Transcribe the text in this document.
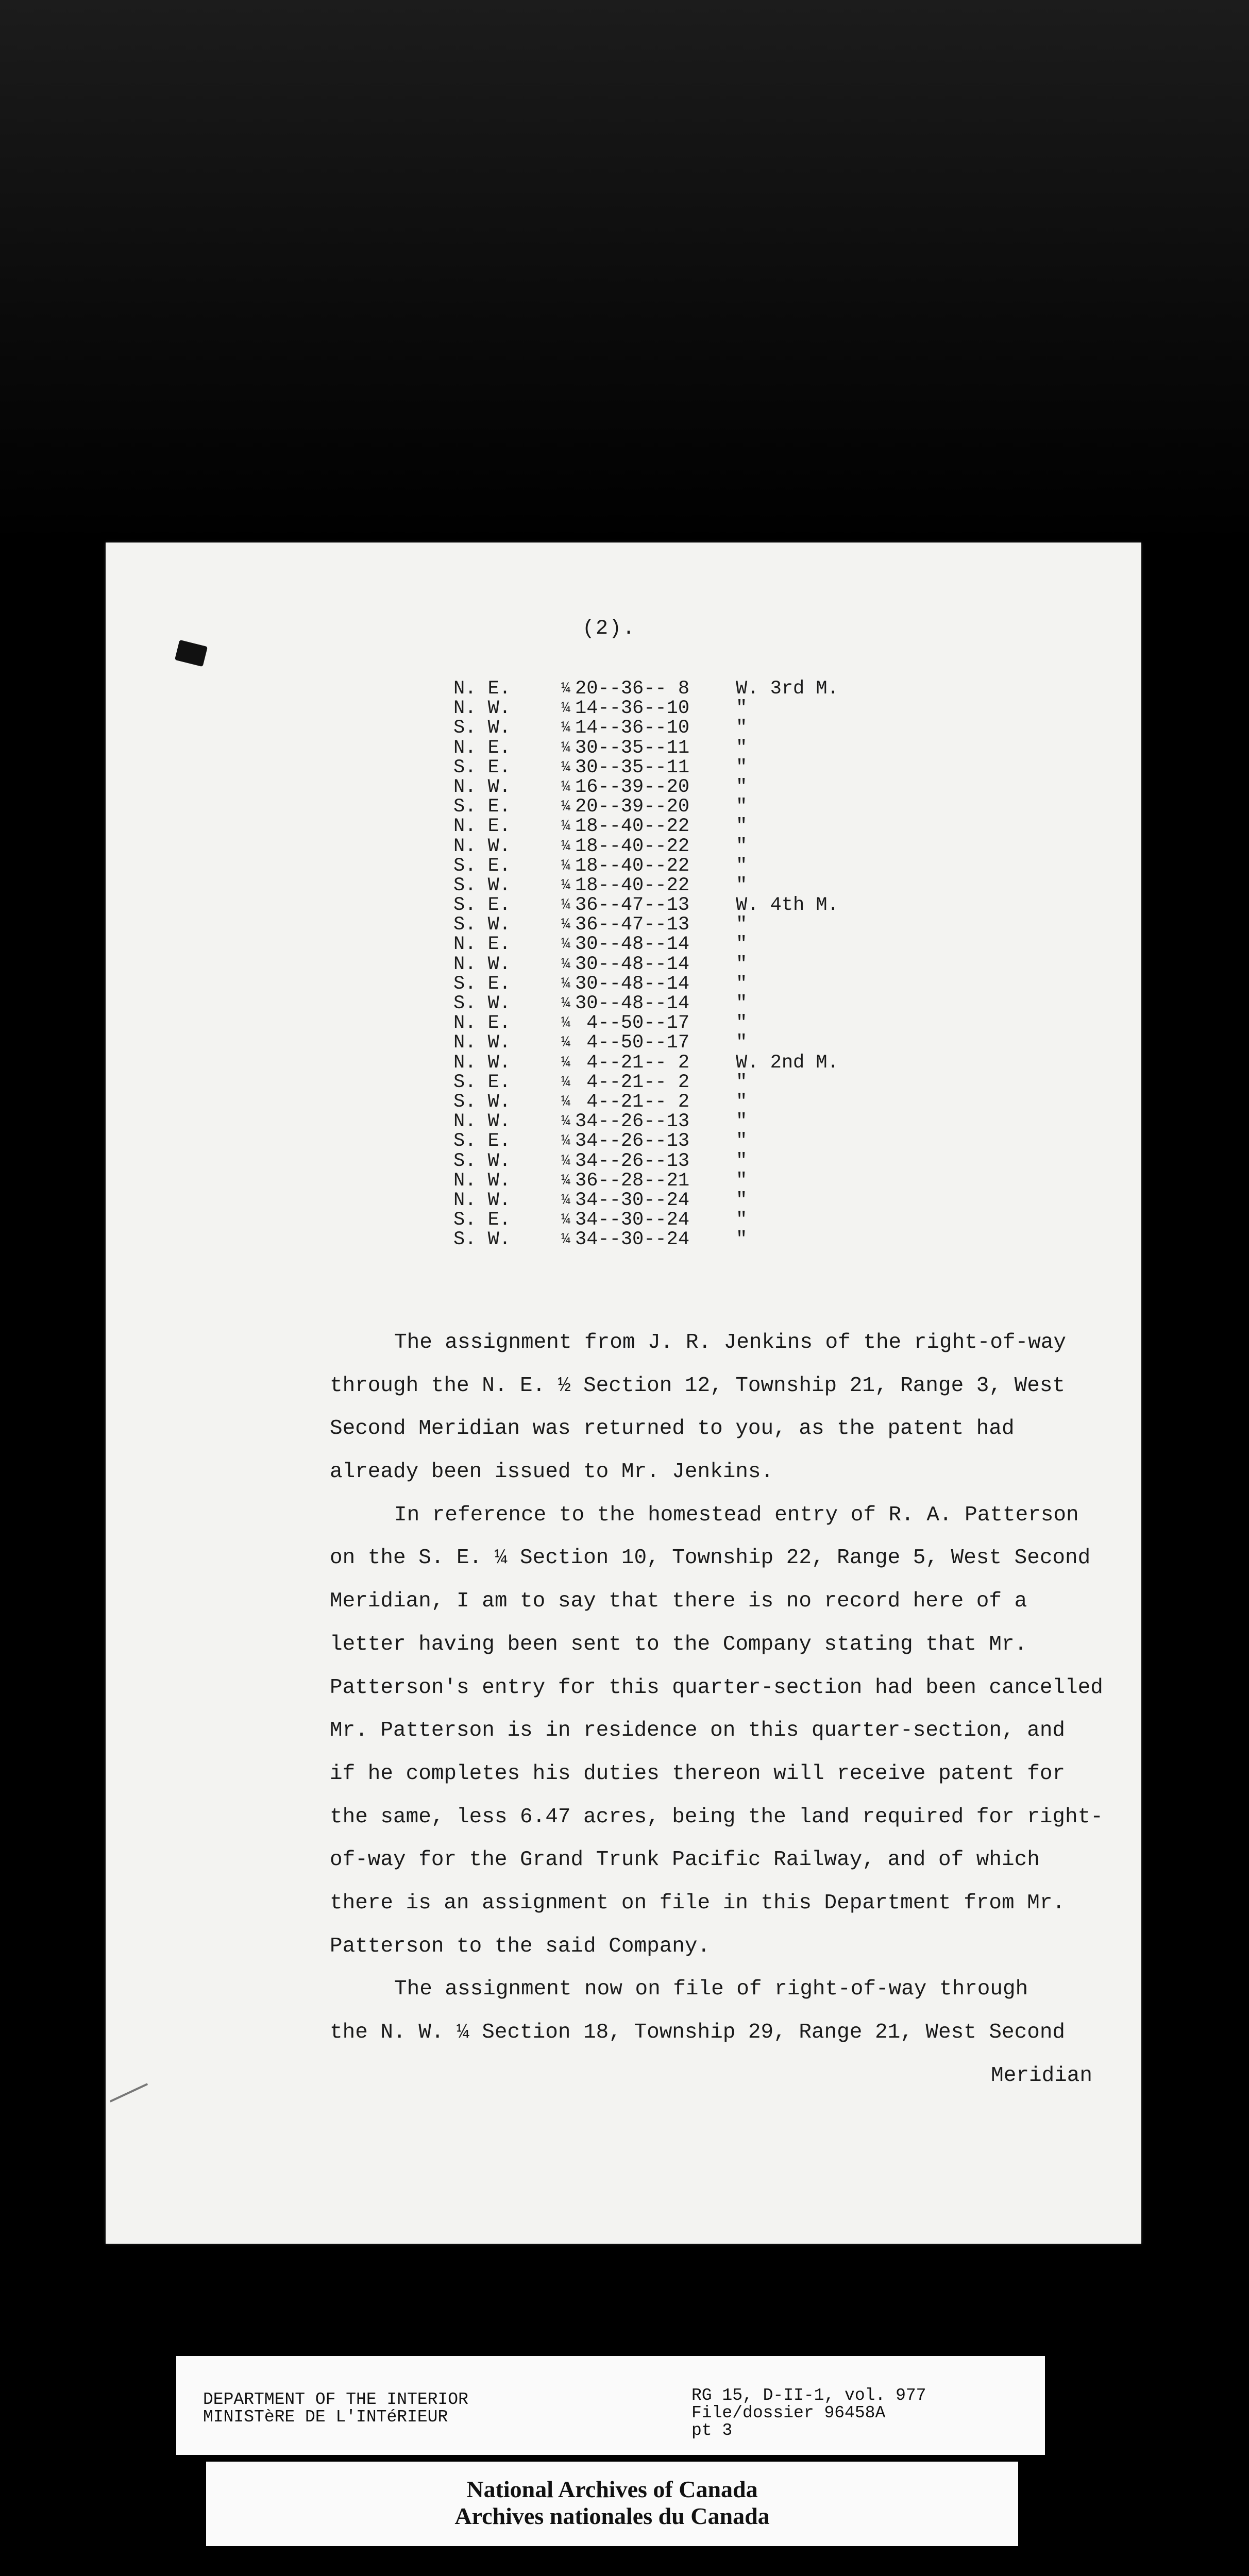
(2).
N. E.	¼ 20--36-- 8	W. 3rd M.
N. W.	¼ 14--36--10	"
S. W.	¼ 14--36--10	"
N. E.	¼ 30--35--11	"
S. E.	¼ 30--35--11	"
N. W.	¼ 16--39--20	"
S. E.	¼ 20--39--20	"
N. E.	¼ 18--40--22	"
N. W.	¼ 18--40--22	"
S. E.	¼ 18--40--22	"
S. W.	¼ 18--40--22	"
S. E.	¼ 36--47--13	W. 4th M.
S. W.	¼ 36--47--13	"
N. E.	¼ 30--48--14	"
N. W.	¼ 30--48--14	"
S. E.	¼ 30--48--14	"
S. W.	¼ 30--48--14	"
N. E.	¼ 4--50--17	"
N. W.	¼ 4--50--17	"
N. W.	¼ 4--21-- 2	W. 2nd M.
S. E.	¼ 4--21-- 2	"
S. W.	¼ 4--21-- 2	"
N. W.	¼ 34--26--13	"
S. E.	¼ 34--26--13	"
S. W.	¼ 34--26--13	"
N. W.	¼ 36--28--21	"
N. W.	¼ 34--30--24	"
S. E.	¼ 34--30--24	"
S. W.	¼ 34--30--24	"
The assignment from J. R. Jenkins of the right-of-way
through the N. E. ½ Section 12, Township 21, Range 3, West
Second Meridian was returned to you, as the patent had
already been issued to Mr. Jenkins.
In reference to the homestead entry of R. A. Patterson
on the S. E. ¼ Section 10, Township 22, Range 5, West Second
Meridian, I am to say that there is no record here of a
letter having been sent to the Company stating that Mr.
Patterson's entry for this quarter-section had been cancelled
Mr. Patterson is in residence on this quarter-section, and
if he completes his duties thereon will receive patent for
the same, less 6.47 acres, being the land required for right-
of-way for the Grand Trunk Pacific Railway, and of which
there is an assignment on file in this Department from Mr.
Patterson to the said Company.
The assignment now on file of right-of-way through
the N. W. ¼ Section 18, Township 29, Range 21, West Second
Meridian
DEPARTMENT OF THE INTERIOR
MINISTèRE DE L'INTéRIEUR
RG 15, D-II-1, vol. 977
File/dossier 96458A
pt 3
National Archives of Canada
Archives nationales du Canada
